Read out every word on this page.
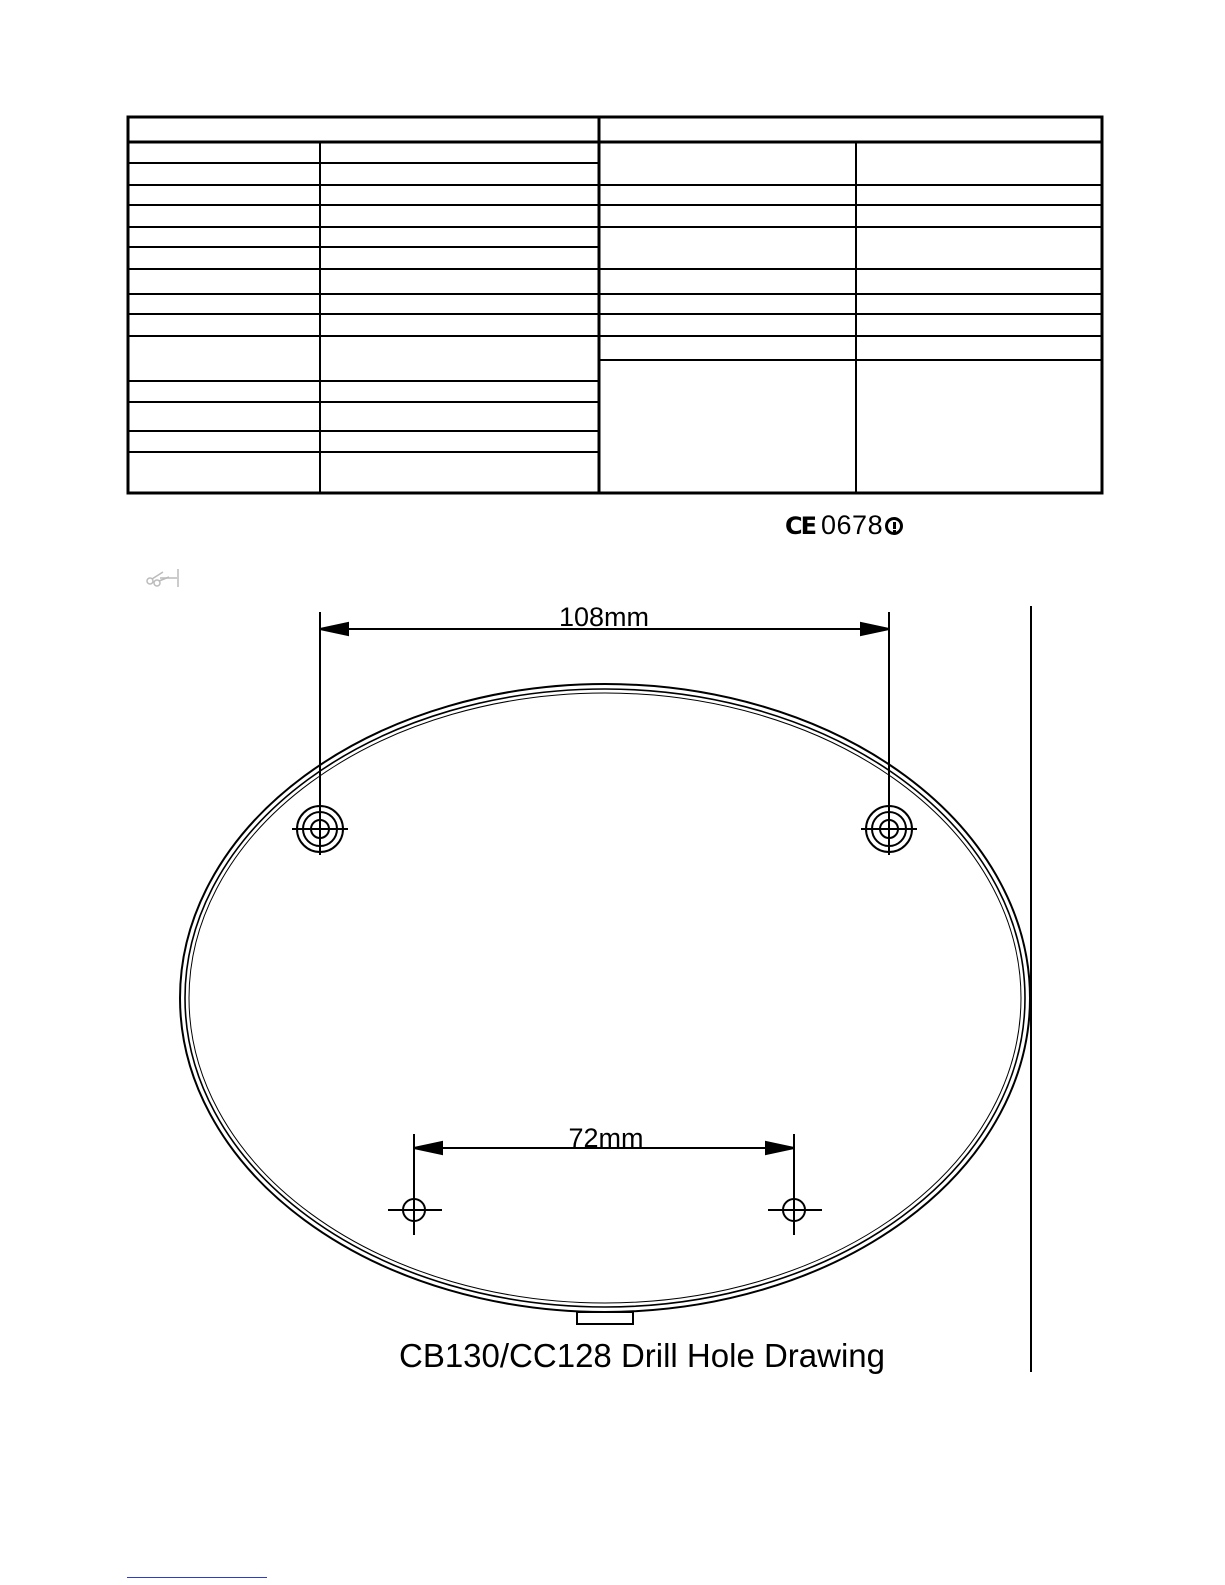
CE 0678
108mm
72mm
CB130/CC128 Drill Hole Drawing
